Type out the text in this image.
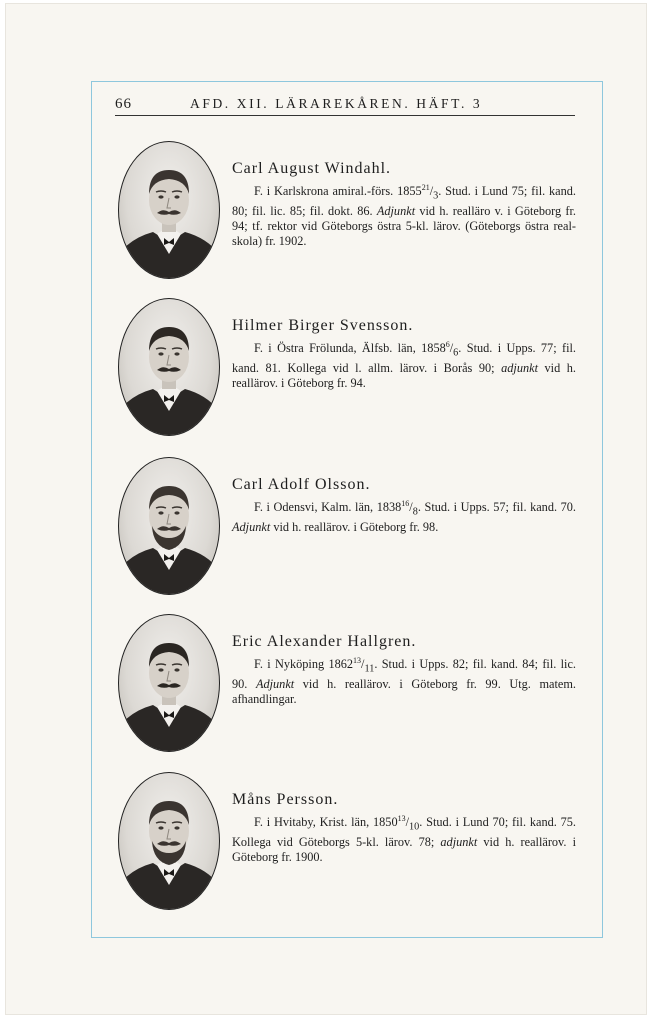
66	AFD. XII. LÄRAREKÅREN. HÄFT. 3
Carl August Windahl.

F. i Karlskrona amiral.-förs. $1855^{21}/_3$. Stud. i Lund 75; fil. kand. 80; fil. lic. 85; fil. dokt. 86. Adjunkt vid h. realläro v. i Göteborg fr. 94; tf. rektor vid Göteborgs östra 5-kl. lärov. (Göteborgs östra realskola) fr. 1902.

Hilmer Birger Svensson.

F. i Östra Frölunda, Älfsb. län, $1858^6/_6$. Stud. i Upps. 77; fil. kand. 81. Kollega vid l. allm. lärov. i Borås 90; adjunkt vid h. reallärov. i Göteborg fr. 94.

Carl Adolf Olsson.

F. i Odensvi, Kalm. län, $1838^{16}/_8$. Stud. i Upps. 57; fil. kand. 70. Adjunkt vid h. reallärov. i Göteborg fr. 98.

Eric Alexander Hallgren.

F. i Nyköping $1862^{13}/_{11}$. Stud. i Upps. 82; fil. kand. 84; fil. lic. 90. Adjunkt vid h. reallärov. i Göteborg fr. 99. Utg. matem. afhandlingar.

Måns Persson.

F. i Hvitaby, Krist. län, $1850^{13}/_{10}$. Stud. i Lund 70; fil. kand. 75. Kollega vid Göteborgs 5-kl. lärov. 78; adjunkt vid h. reallärov. i Göteborg fr. 1900.
